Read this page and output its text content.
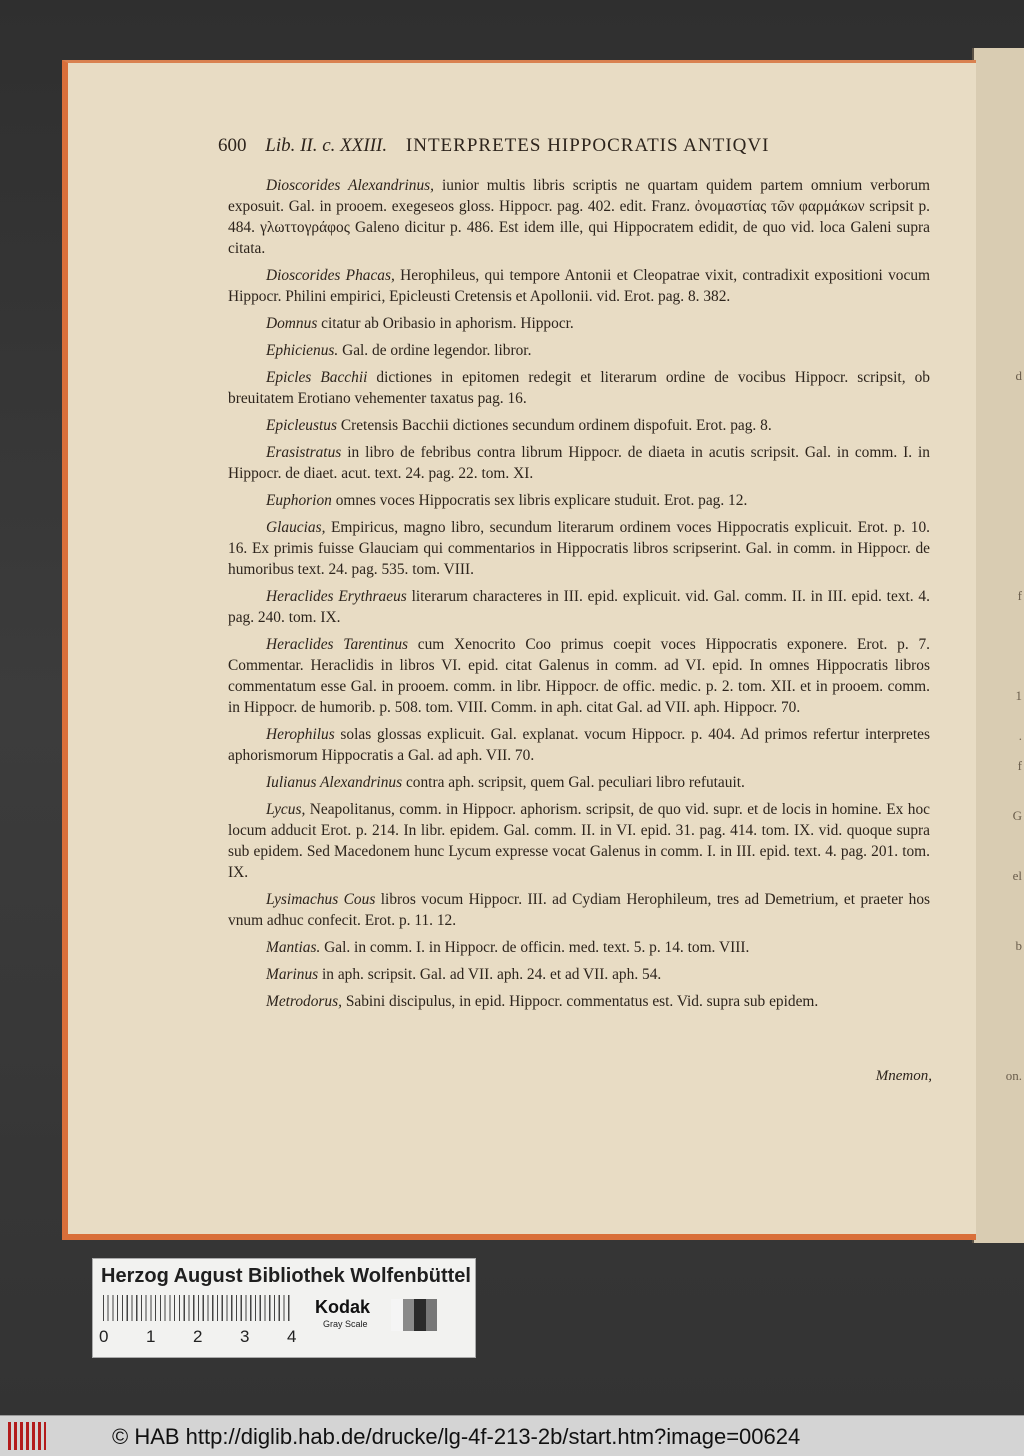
d
f
1
.
f
G
el
b
on.
600 Lib. II. c. XXIII. INTERPRETES HIPPOCRATIS ANTIQVI

Dioscorides Alexandrinus, iunior multis libris scriptis ne quartam quidem partem omnium verborum exposuit. Gal. in prooem. exegeseos gloss. Hippocr. pag. 402. edit. Franz. ὀνομαστίας τῶν φαρμάκων scripsit p. 484. γλωττογράφος Galeno dicitur p. 486. Est idem ille, qui Hippocratem edidit, de quo vid. loca Galeni supra citata.

Dioscorides Phacas, Herophileus, qui tempore Antonii et Cleopatrae vixit, contradixit expositioni vocum Hippocr. Philini empirici, Epicleusti Cretensis et Apollonii. vid. Erot. pag. 8. 382.

Domnus citatur ab Oribasio in aphorism. Hippocr.

Ephicienus. Gal. de ordine legendor. libror.

Epicles Bacchii dictiones in epitomen redegit et literarum ordine de vocibus Hippocr. scripsit, ob breuitatem Erotiano vehementer taxatus pag. 16.

Epicleustus Cretensis Bacchii dictiones secundum ordinem dispofuit. Erot. pag. 8.

Erasistratus in libro de febribus contra librum Hippocr. de diaeta in acutis scripsit. Gal. in comm. I. in Hippocr. de diaet. acut. text. 24. pag. 22. tom. XI.

Euphorion omnes voces Hippocratis sex libris explicare studuit. Erot. pag. 12.

Glaucias, Empiricus, magno libro, secundum literarum ordinem voces Hippocratis explicuit. Erot. p. 10. 16. Ex primis fuisse Glauciam qui commentarios in Hippocratis libros scripserint. Gal. in comm. in Hippocr. de humoribus text. 24. pag. 535. tom. VIII.

Heraclides Erythraeus literarum characteres in III. epid. explicuit. vid. Gal. comm. II. in III. epid. text. 4. pag. 240. tom. IX.

Heraclides Tarentinus cum Xenocrito Coo primus coepit voces Hippocratis exponere. Erot. p. 7. Commentar. Heraclidis in libros VI. epid. citat Galenus in comm. ad VI. epid. In omnes Hippocratis libros commentatum esse Gal. in prooem. comm. in libr. Hippocr. de offic. medic. p. 2. tom. XII. et in prooem. comm. in Hippocr. de humorib. p. 508. tom. VIII. Comm. in aph. citat Gal. ad VII. aph. Hippocr. 70.

Herophilus solas glossas explicuit. Gal. explanat. vocum Hippocr. p. 404. Ad primos refertur interpretes aphorismorum Hippocratis a Gal. ad aph. VII. 70.

Iulianus Alexandrinus contra aph. scripsit, quem Gal. peculiari libro refutauit.

Lycus, Neapolitanus, comm. in Hippocr. aphorism. scripsit, de quo vid. supr. et de locis in homine. Ex hoc locum adducit Erot. p. 214. In libr. epidem. Gal. comm. II. in VI. epid. 31. pag. 414. tom. IX. vid. quoque supra sub epidem. Sed Macedonem hunc Lycum expresse vocat Galenus in comm. I. in III. epid. text. 4. pag. 201. tom. IX.

Lysimachus Cous libros vocum Hippocr. III. ad Cydiam Herophileum, tres ad Demetrium, et praeter hos vnum adhuc confecit. Erot. p. 11. 12.

Mantias. Gal. in comm. I. in Hippocr. de officin. med. text. 5. p. 14. tom. VIII.

Marinus in aph. scripsit. Gal. ad VII. aph. 24. et ad VII. aph. 54.

Metrodorus, Sabini discipulus, in epid. Hippocr. commentatus est. Vid. supra sub epidem.

Mnemon,
Herzog August Bibliothek Wolfenbüttel
0 1 2 3 4
Kodak
Gray Scale
© HAB http://diglib.hab.de/drucke/lg-4f-213-2b/start.htm?image=00624
